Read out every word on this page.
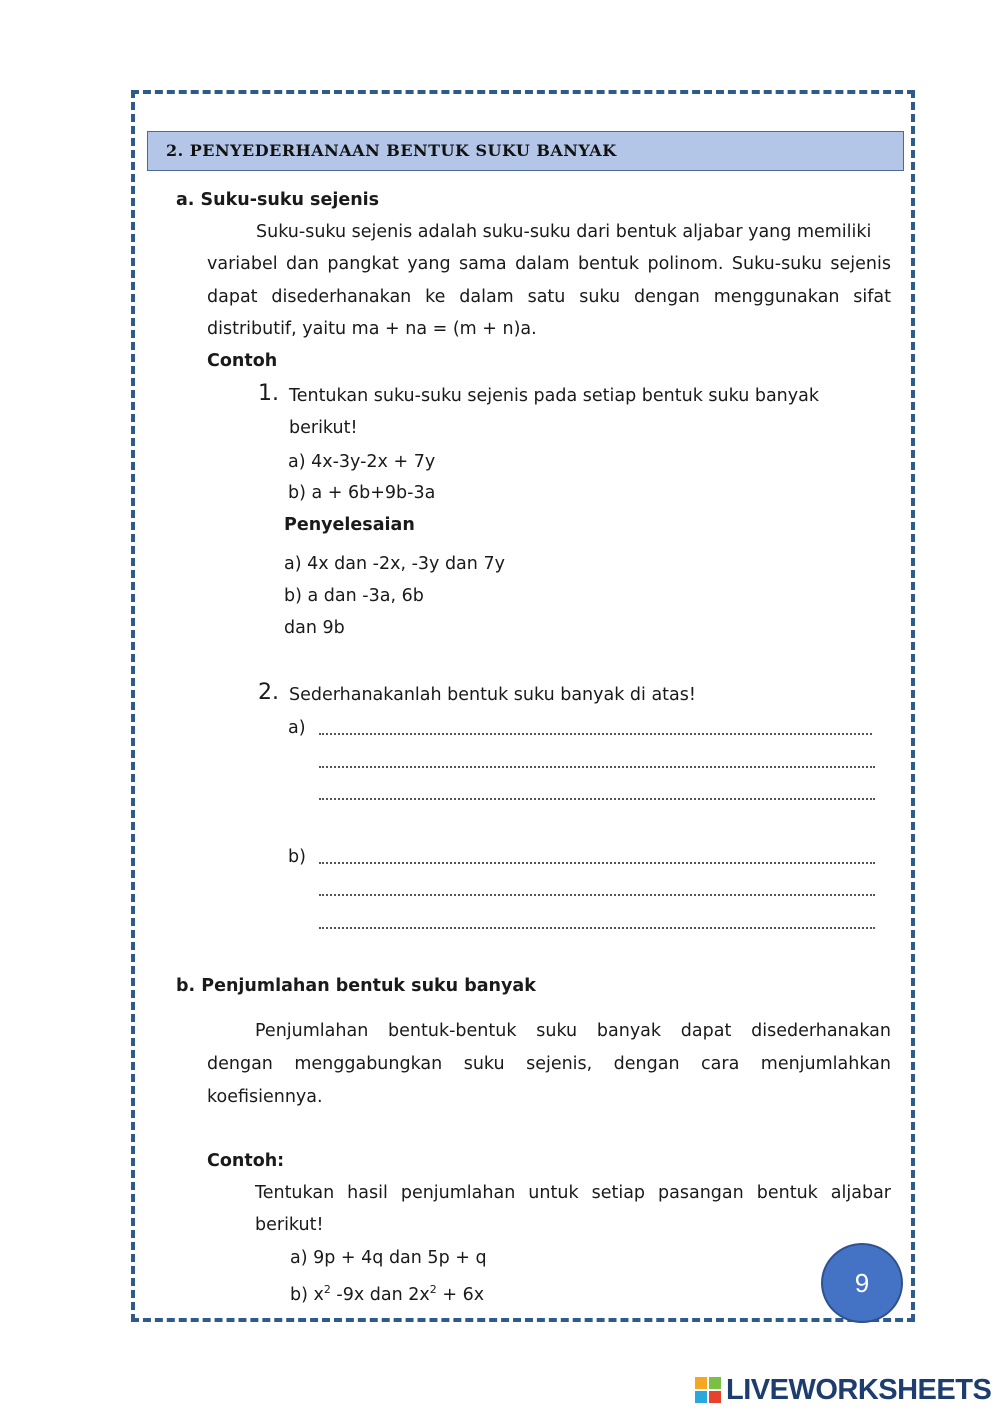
2. PENYEDERHANAAN BENTUK SUKU BANYAK
a. Suku-suku sejenis
Suku-suku sejenis adalah suku-suku dari bentuk aljabar yang memiliki
variabel dan pangkat yang sama dalam bentuk polinom. Suku-suku sejenis
dapat disederhanakan ke dalam satu suku dengan menggunakan sifat
distributif, yaitu ma + na = (m + n)a.
Contoh
1. Tentukan suku-suku sejenis pada setiap bentuk suku banyak
berikut!
a) 4x-3y-2x + 7y
b) a + 6b+9b-3a
Penyelesaian
a) 4x dan -2x, -3y dan 7y
b) a dan -3a, 6b
dan 9b
2. Sederhanakanlah bentuk suku banyak di atas!
a)
b)
b. Penjumlahan bentuk suku banyak
Penjumlahan bentuk-bentuk suku banyak dapat disederhanakan
dengan menggabungkan suku sejenis, dengan cara menjumlahkan
koefisiennya.
Contoh:
Tentukan hasil penjumlahan untuk setiap pasangan bentuk aljabar
berikut!
a) 9p + 4q dan 5p + q
b) $x^2$ -9x dan $2x^2 + 6x$	9
LIVEWORKSHEETS
